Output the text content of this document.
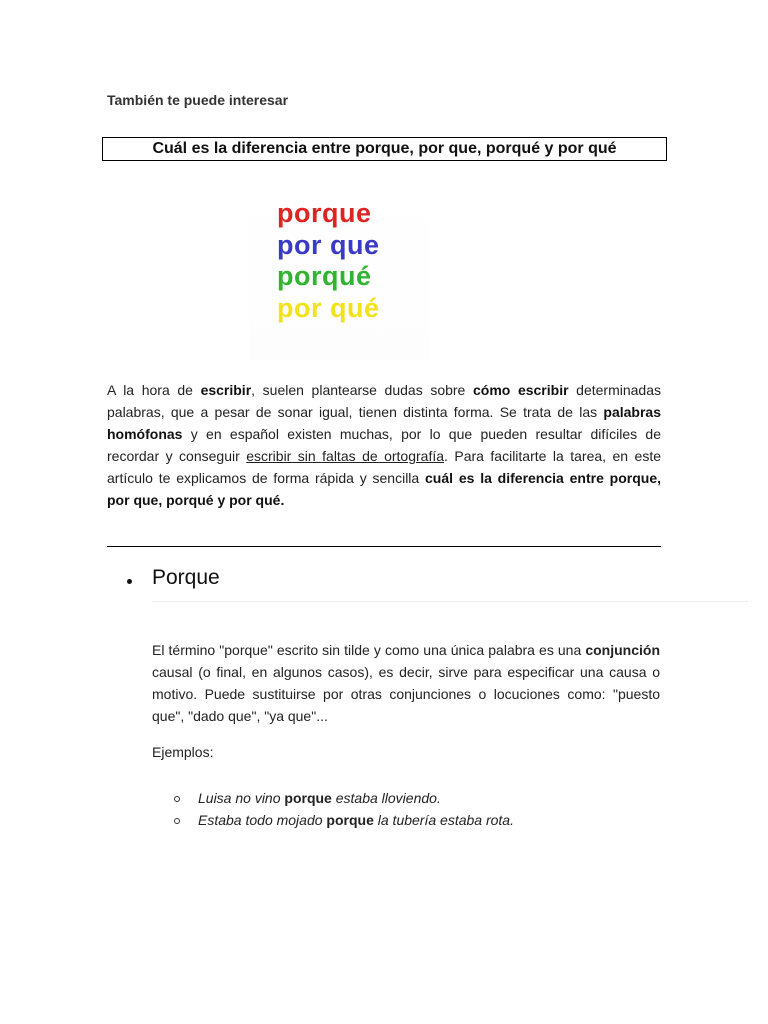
También te puede interesar
Cuál es la diferencia entre porque, por que, porqué y por qué
porque
por que
porqué
por qué

A la hora de escribir, suelen plantearse dudas sobre cómo escribir determinadas palabras, que a pesar de sonar igual, tienen distinta forma. Se trata de las palabras homófonas y en español existen muchas, por lo que pueden resultar difíciles de recordar y conseguir escribir sin faltas de ortografía. Para facilitarte la tarea, en este artículo te explicamos de forma rápida y sencilla cuál es la diferencia entre porque, por que, porqué y por qué.

Porque

El término "porque" escrito sin tilde y como una única palabra es una conjunción causal (o final, en algunos casos), es decir, sirve para especificar una causa o motivo. Puede sustituirse por otras conjunciones o locuciones como: "puesto que", "dado que", "ya que"...

Ejemplos:

Luisa no vino porque estaba lloviendo.
Estaba todo mojado porque la tubería estaba rota.
